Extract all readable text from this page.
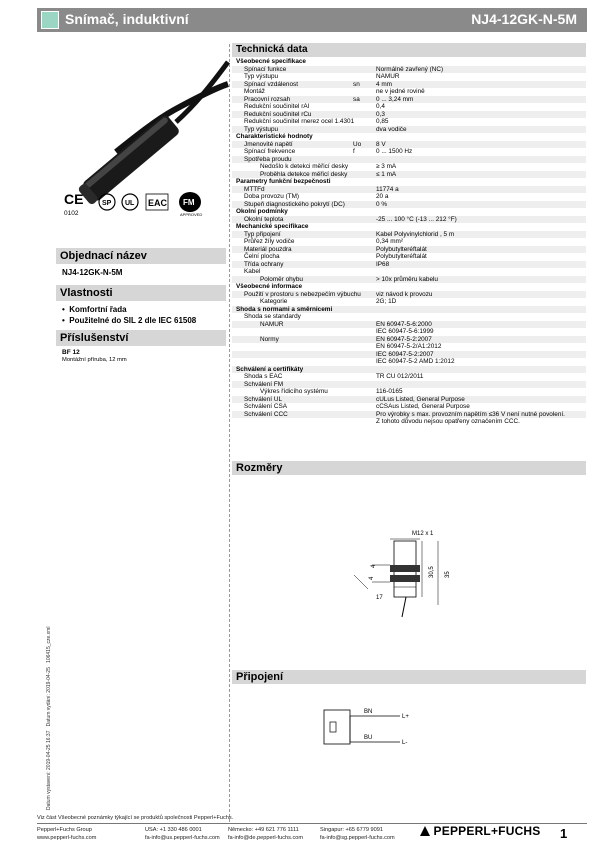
Snímač, induktivní	NJ4-12GK-N-5M
CE
0102
SP UL EAC FM
APPROVED
Objednací název
NJ4-12GK-N-5M
Vlastnosti
•  Komfortní řada
•  Použitelné do SIL 2 dle IEC 61508
Příslušenství
BF 12
Montážní příruba, 12 mm
Technická data
Všeobecné specifikace
Spínací funkce	Normálně zavřený (NC)
Typ výstupu	NAMUR
Spínací vzdálenost	sn	4 mm
Montáž	ne v jedné rovině
Pracovní rozsah	sa	0 ... 3,24 mm
Redukční součinitel rAl	0,4
Redukční součinitel rCu	0,3
Redukční součinitel rnerez ocel 1.4301	0,85
Typ výstupu	dva vodiče
Charakteristické hodnoty
Jmenovité napětí	Uo 8 V
Spínací frekvence	f	0 ... 1500 Hz
Spotřeba proudu
Nedošlo k detekci měřicí desky	≥ 3 mA
Proběhla detekce měřicí desky	≤ 1 mA
Parametry funkční bezpečnosti
MTTFd	11774 a
Doba provozu (TM)	20 a
Stupeň diagnostického pokrytí (DC)	0 %
Okolní podmínky
Okolní teplota	-25 ... 100 °C (-13 ... 212 °F)
Mechanické specifikace
Typ připojení	Kabel Polyvinylchlorid , 5 m
Průřez žíly vodiče	0,34 mm²
Materiál pouzdra	Polybutylteréftalát
Čelní plocha	Polybutylteréftalát
Třída ochrany	IP68
Kabel
Poloměr ohybu	> 10x průměru kabelu
Všeobecné informace
Použití v prostoru s nebezpečím výbuchu viz návod k provozu
Kategorie	2G; 1D
Shoda s normami a směrnicemi
Shoda se standardy
NAMUR	EN 60947-5-6:2000
IEC 60947-5-6:1999
Normy	EN 60947-5-2:2007
EN 60947-5-2/A1:2012
IEC 60947-5-2:2007
IEC 60947-5-2 AMD 1:2012
Schválení a certifikáty
Shoda s EAC	TR CU 012/2011
Schválení FM
Výkres řídicího systému	116-0165
Schválení UL	cULus Listed, General Purpose
Schválení CSA	cCSAus Listed, General Purpose
Schválení CCC	Pro výrobky s max. provozním napětím ≤36 V není nutné povolení.
Z tohoto důvodu nejsou opatřeny označením CCC.
Rozměry
M12 x 1
30,5 35
4
4
17
Připojení
BN
BU
L+
L-
Datum vystavení: 2019-04-25 16:37   Datum vydání: 2019-04-25   106415_cze.xml
Viz část Všeobecné poznámky týkající se produktů společnosti Pepperl+Fuchs.
Pepperl+Fuchs Group
www.pepperl-fuchs.com
USA: +1 330 486 0001
fa-info@us.pepperl-fuchs.com
Německo: +49 621 776 1111
fa-info@de.pepperl-fuchs.com
Singapur: +65 6779 9091
fa-info@sg.pepperl-fuchs.com	PEPPERL+FUCHS 1
